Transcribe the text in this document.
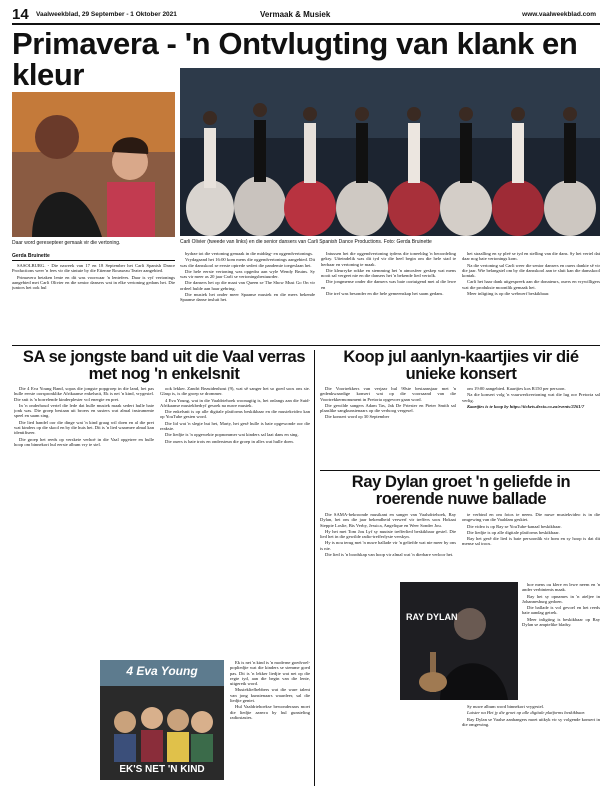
14 Vaalweekblad, 29 September - 1 Oktober 2021	Vermaak & Musiek	www.vaalweekblad.com
Primavera - 'n Ontvlugting van klank en kleur
Carli Olivier (tweede van links) en die senior dansers van Carli Spanish Dance Productions. Foto: Gerda Bruinette
Daar word geresepteer gemaak vir die vertoning.
Gerda Bruinette

SASOLBURG. - Die naweek van 17 en 18 September het Carli Spanish Dance Productions weer 'n fees vir die sintuie by die Etienne Rousseau Teater aangebied.

Primavera betaken lente en dit was voorwaar 'n lentefees. Daar is vyf vertonings aangebied met Carli Olivier en die senior dansers wat in elke vertoning gedans het. Die juniors het ook hul

bydrae tot die vertoning gemaak in die middag- en oggendvertonings.

Vrydagaand het 16:00 kom mens die oggendvertonings aangebied. Dit was die dansskool se eerste optrede sedert die pandemie toegeslaan het.

Die hele eerste vertoning was opgedra aan wyle Wendy Bruins. Sy was vir meer as 20 jaar Carli se vertoningsbestuurder.

Die dansers het op die maat van Queen se The Show Must Go On vir ordeel hulde aan haar gebring.

Die musiek het onder meer Spaanse musiek en die mees bekende Spaanse danse insluit het.

Intussen het die oggendvertoning tydens die toneeldag 'n beoordeling gekry. Uiteindelik was dit tyd vir die heel begin om die hele stad te herbaar en vertoning te maak.

Die kleurryke rokke en stemming het 'n atmosfeer geskep wat mens nooit sal vergeet nie en die dansers het 'n bekende lied vertolk.

Die jongmense onder die dansers was baie oortuigend met al die lewe en

Die tref was besonder en die hele gemeenskap het saam gedans.

het straalling en sy pleë se tyd en stelling van die dans. Sy het vertel dat daar nog baie vertonings kom.

Na die vertoning sal Carli weer die senior dansers en ouers dankie sê vir die jaar. Wie belangstel om by die dansskool aan te sluit kan die dansskool kontak.

Carli het haar dank uitgespreek aan die donateurs, ouers en vrywilligers wat die produksie moontlik gemaak het.

Meer inligting is op die webwerf beskikbaar.

SA se jongste band uit die Vaal verras met nog 'n enkelsnit

Die 4 Eva Young Band, sopas die jongste popgroep in die land, het pas hulle eerste oorspronklike Afrikaanse enkelsnit, Ek is net 'n kind, vrygestel. Die snit is 'n borrelende kinderplesier vol energie en pret.

In 'n onderhoud vertel die lede dat hulle musiek maak sedert hulle baie jonk was. Die groep bestaan uit broers en susters wat almal instrumente speel en saam sing.

Die lied handel oor die dinge wat 'n kind graag wil doen en al die pret wat kinders op die skool en by die huis het. Dit is 'n lied waarmee almal kan identifiseer.

Die groep het reeds op verskeie verhoë in die Vaal opgetree en hulle hoop om binnekort hul eerste album vry te stel.

ook lekker. Zandri Bezuidenhout (9), wat sê sanger het so goed soos ons sie. Glasp is, is die groep se drommer.

4 Eva Young, wat in die Vaaldriehoek woonagtig is, het onlangs aan die Suid-Afrikaanse musiekbedryf gesoek na nuwe musiek.

Die enkelsnit is op alle digitale platforms beskikbaar en die musiekvideo kan op YouTube gesien word.

Die lid wat 'n slegte bui het, Marty, het gesê hulle is baie opgewonde oor die reaksie.

Die liedjie is 'n opgewekte popnommer wat kinders sal laat dans en sing.

Die ouers is baie trots en ondersteun die groep in alles wat hulle doen.

4 Eva Young
EK'S NET 'N KIND

Ek is net 'n kind is 'n moderne goedvoel-popliedjie wat die kinders se stemme goed pas. Dit is 'n lekker liedjie wat net op die regte tyd, aan die begin van die lente, uitgereik word.

Musiekliefhebbers wat die ware talent van jong kunstenaars waardeer, sal die liedjie geniet.

Hul Vaaldriehoekse bewonderaars moet die liedjie aanvra by hul gunsteling radiostasies.

Koop jul aanlyn-kaartjies vir dié unieke konsert

Die Voortrekkers van verjaar hul 90ste bestaansjaar met 'n gedenkwaardige konsert wat op die voorsaand van die Voortrekkermonument in Pretoria opgevoer gaan word.

Die gewilde sangers Adam Tas, Jak De Priester en Pieter Smith sal plaaslike sangkunstenaars op die verhoog vergesel.

Die konsert word op 30 September

om 19:00 aangebied. Kaartjies kos R150 per persoon.

Na die konsert volg 'n vuurwerkvertoning wat die lug oor Pretoria sal verlig.

Kaartjies is te koop by https://tickets.dexio.co.za/events/2261/7

Ray Dylan groet 'n geliefde in roerende nuwe ballade

Die SAMA-bekroonde musikant en sanger van Vaalsdriehoek, Ray Dylan, het ons die jaar bekendheid verwerf vir treffers soos Hokaai Steppie Loslie, Bis Verby, Jessica, Angelique en Weer Sonder Jou.

Hy het met Tom Jou Lyf sy nuutste trefferlied beskikbaar gestel. Die lied het in die gewilde radio-trefferlyste verskyn.

Hy is nou terug met 'n nuwe ballade vir 'n geliefde wat nie meer by ons is nie.

Die lied is 'n boodskap van hoop vir almal wat 'n dierbare verloor het.

te verbind en om fotos te neem. Die nuwe musiekvideo is in die omgewing van die Vaaldam geskiet.

Die video is op Ray se YouTube-kanaal beskikbaar.

Die liedjie is op alle digitale platforms beskikbaar.

Ray het gesê die lied is baie persoonlik vir hom en sy hoop is dat dit mense sal troos.

RAY DYLAN

hoe mens ou klere en lewe neem en 'n ander verbintenis maak.

Ray het sy opnames in 'n ateljee in Johannesburg gedoen.

Die ballade is vol gevoel en het reeds baie aandag getrek.

Meer inligting is beskikbaar op Ray Dylan se amptelike bladsy.

Sy nuwe album word binnekort vrygestel.

Luister na Het jy die groet op alle digitale platforms beskikbaar.

Ray Dylan se Vaalse aanhangers moet uitkyk vir sy volgende konsert in die omgewing.
